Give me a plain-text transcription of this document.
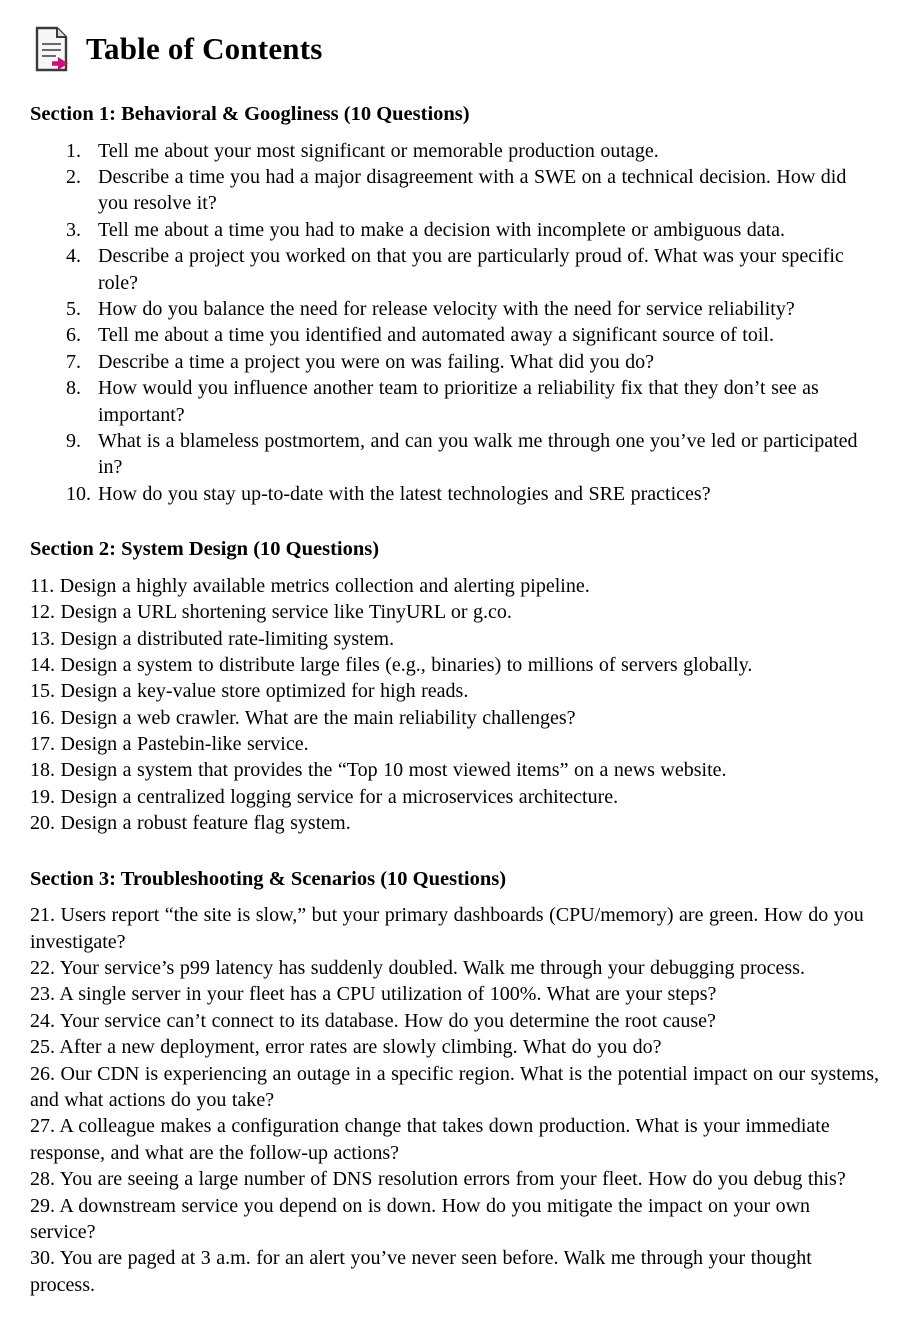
Table of Contents
Section 1: Behavioral & Googliness (10 Questions)
1. Tell me about your most significant or memorable production outage.
2. Describe a time you had a major disagreement with a SWE on a technical decision. How did you resolve it?
3. Tell me about a time you had to make a decision with incomplete or ambiguous data.
4. Describe a project you worked on that you are particularly proud of. What was your specific role?
5. How do you balance the need for release velocity with the need for service reliability?
6. Tell me about a time you identified and automated away a significant source of toil.
7. Describe a time a project you were on was failing. What did you do?
8. How would you influence another team to prioritize a reliability fix that they don’t see as important?
9. What is a blameless postmortem, and can you walk me through one you’ve led or participated in?
10. How do you stay up-to-date with the latest technologies and SRE practices?
Section 2: System Design (10 Questions)
11. Design a highly available metrics collection and alerting pipeline.
12. Design a URL shortening service like TinyURL or g.co.
13. Design a distributed rate-limiting system.
14. Design a system to distribute large files (e.g., binaries) to millions of servers globally.
15. Design a key-value store optimized for high reads.
16. Design a web crawler. What are the main reliability challenges?
17. Design a Pastebin-like service.
18. Design a system that provides the “Top 10 most viewed items” on a news website.
19. Design a centralized logging service for a microservices architecture.
20. Design a robust feature flag system.
Section 3: Troubleshooting & Scenarios (10 Questions)
21. Users report “the site is slow,” but your primary dashboards (CPU/memory) are green. How do you investigate?
22. Your service’s p99 latency has suddenly doubled. Walk me through your debugging process.
23. A single server in your fleet has a CPU utilization of 100%. What are your steps?
24. Your service can’t connect to its database. How do you determine the root cause?
25. After a new deployment, error rates are slowly climbing. What do you do?
26. Our CDN is experiencing an outage in a specific region. What is the potential impact on our systems, and what actions do you take?
27. A colleague makes a configuration change that takes down production. What is your immediate response, and what are the follow-up actions?
28. You are seeing a large number of DNS resolution errors from your fleet. How do you debug this?
29. A downstream service you depend on is down. How do you mitigate the impact on your own service?
30. You are paged at 3 a.m. for an alert you’ve never seen before. Walk me through your thought process.
